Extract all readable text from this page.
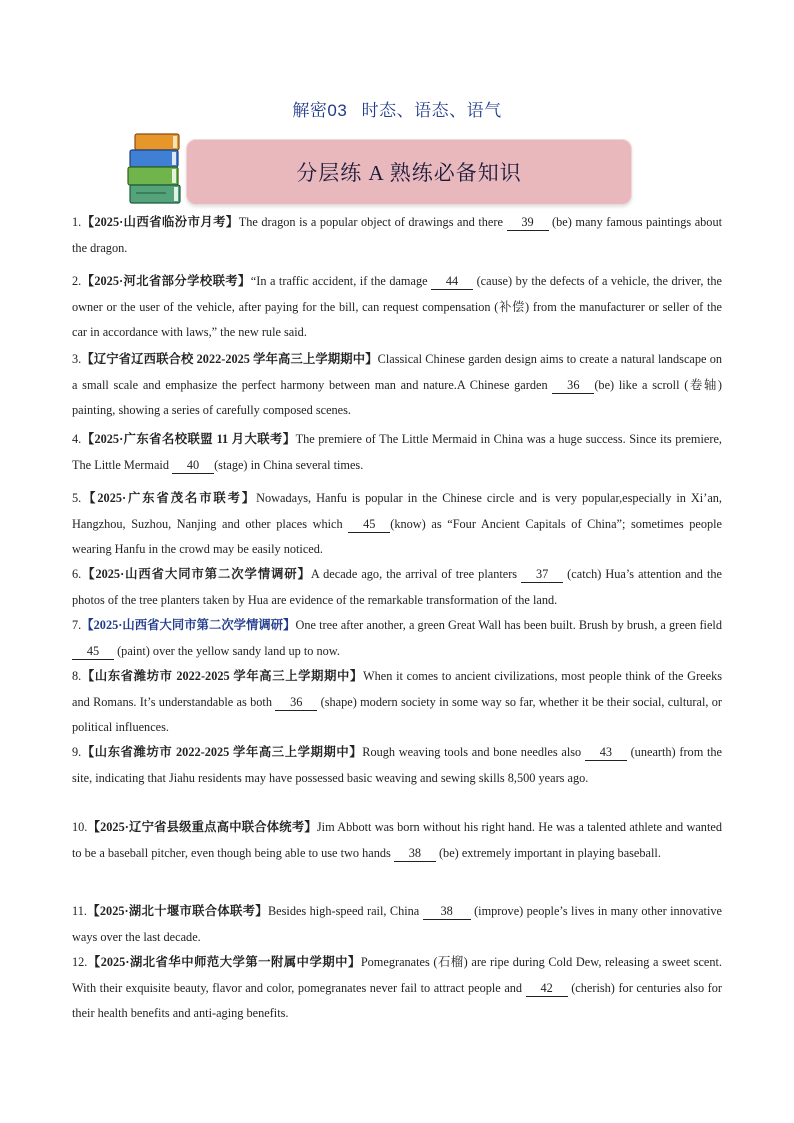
解密03 时态、语态、语气
分层练 A 熟练必备知识
1.【2025·山西省临汾市月考】The dragon is a popular object of drawings and there 39 (be) many famous paintings about the dragon.
2.【2025·河北省部分学校联考】“In a traffic accident, if the damage 44 (cause) by the defects of a vehicle, the driver, the owner or the user of the vehicle, after paying for the bill, can request compensation (补偿) from the manufacturer or seller of the car in accordance with laws,” the new rule said.
3.【辽宁省辽西联合校 2022-2025 学年高三上学期期中】Classical Chinese garden design aims to create a natural landscape on a small scale and emphasize the perfect harmony between man and nature.A Chinese garden 36 (be) like a scroll (卷轴) painting, showing a series of carefully composed scenes.
4.【2025·广东省名校联盟 11 月大联考】The premiere of The Little Mermaid in China was a huge success. Since its premiere, The Little Mermaid 40 (stage) in China several times.
5.【2025·广东省茂名市联考】Nowadays, Hanfu is popular in the Chinese circle and is very popular,especially in Xi’an, Hangzhou, Suzhou, Nanjing and other places which 45 (know) as “Four Ancient Capitals of China”; sometimes people wearing Hanfu in the crowd may be easily noticed.
6.【2025·山西省大同市第二次学情调研】A decade ago, the arrival of tree planters 37 (catch) Hua’s attention and the photos of the tree planters taken by Hua are evidence of the remarkable transformation of the land.
7.【2025·山西省大同市第二次学情调研】One tree after another, a green Great Wall has been built. Brush by brush, a green field 45 (paint) over the yellow sandy land up to now.
8.【山东省潍坊市 2022-2025 学年高三上学期期中】When it comes to ancient civilizations, most people think of the Greeks and Romans. It’s understandable as both 36 (shape) modern society in some way so far, whether it be their social, cultural, or political influences.
9.【山东省潍坊市 2022-2025 学年高三上学期期中】Rough weaving tools and bone needles also 43 (unearth) from the site, indicating that Jiahu residents may have possessed basic weaving and sewing skills 8,500 years ago.
10.【2025·辽宁省县级重点高中联合体统考】Jim Abbott was born without his right hand. He was a talented athlete and wanted to be a baseball pitcher, even though being able to use two hands 38 (be) extremely important in playing baseball.
11.【2025·湖北十堰市联合体联考】Besides high-speed rail, China 38 (improve) people’s lives in many other innovative ways over the last decade.
12.【2025·湖北省华中师范大学第一附属中学期中】Pomegranates (石榴) are ripe during Cold Dew, releasing a sweet scent. With their exquisite beauty, flavor and color, pomegranates never fail to attract people and 42 (cherish) for centuries also for their health benefits and anti-aging benefits.
